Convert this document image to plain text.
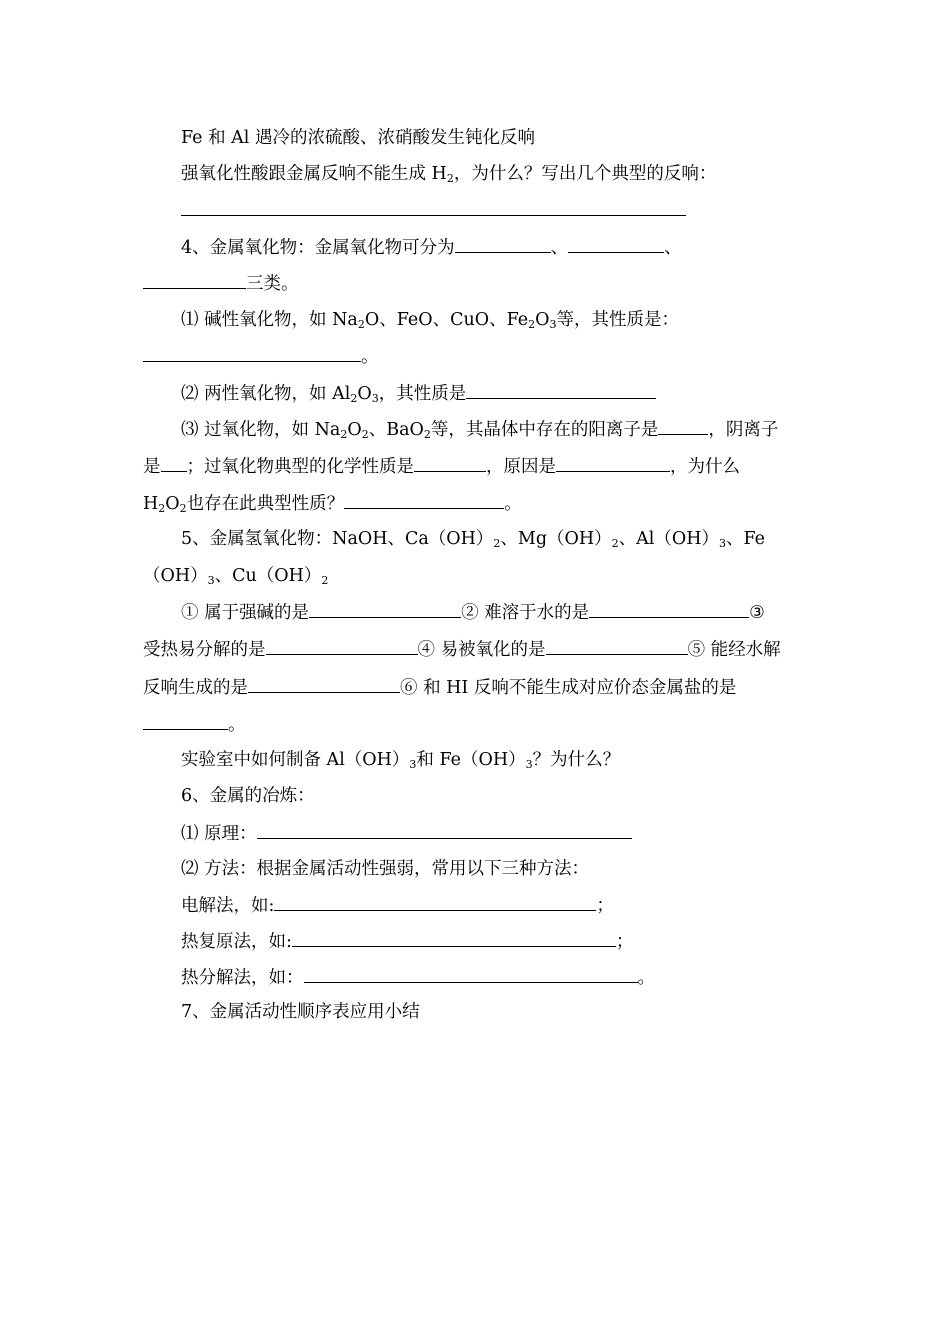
Fe 和 Al 遇冷的浓硫酸、浓硝酸发生钝化反响
强氧化性酸跟金属反响不能生成 $H_2$，为什么？写出几个典型的反响：
4、金属氧化物：金属氧化物可分为	、	、
三类。
⑴ 碱性氧化物，如 $Na_2O$、FeO、CuO、$Fe_2O_3$等，其性质是：
。
⑵ 两性氧化物，如 $Al_2O_3$，其性质是
⑶ 过氧化物，如 $Na_2O_2$、BaO$_2$等，其晶体中存在的阳离子是	，阴离子
是 ；过氧化物典型的化学性质是	，原因是	，为什么
$H_2O_2$也存在此典型性质？	。
5、金属氢氧化物：NaOH、$Ca(OH)_2$、$Mg(OH)_2$、$Al(OH)_3$、Fe
$(OH)_3$、$Cu(OH)_2$
① 属于强碱的是	② 难溶于水的是	③
受热易分解的是	④ 易被氧化的是	⑤ 能经水解
反响生成的是	⑥ 和 HI 反响不能生成对应价态金属盐的是
。
实验室中如何制备 $Al(OH)_3$和 $Fe(OH)_3$？为什么？
6、金属的冶炼：
⑴ 原理：
⑵ 方法：根据金属活动性强弱，常用以下三种方法：
电解法，如:	；
热复原法，如:	；
热分解法，如：	。
7、金属活动性顺序表应用小结
